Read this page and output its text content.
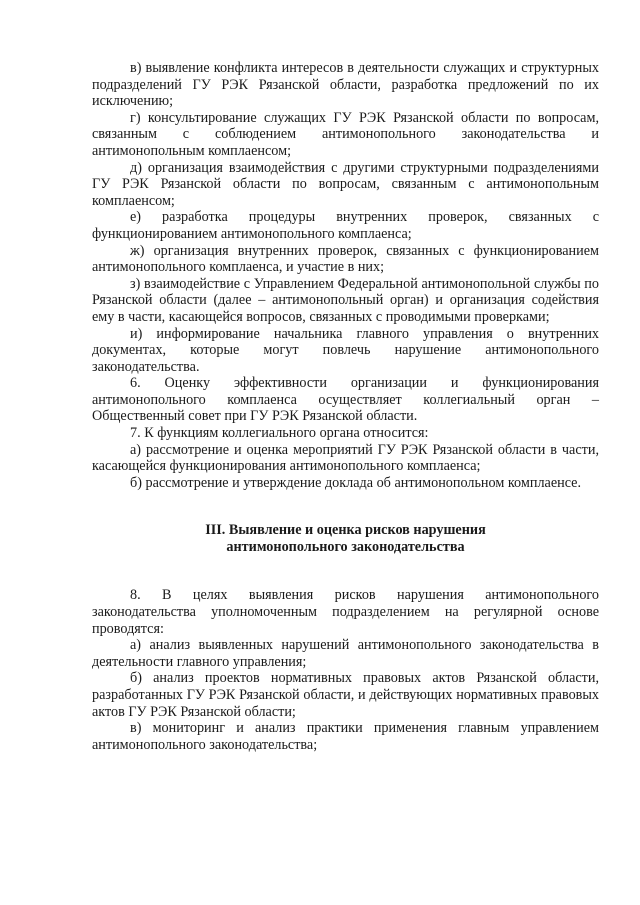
в) выявление конфликта интересов в деятельности служащих и структурных подразделений ГУ РЭК Рязанской области, разработка предложений по их исключению;

г) консультирование служащих ГУ РЭК Рязанской области по вопросам, связанным с соблюдением антимонопольного законодательства и антимонопольным комплаенсом;

д) организация взаимодействия с другими структурными подразделениями ГУ РЭК Рязанской области по вопросам, связанным с антимонопольным комплаенсом;

е) разработка процедуры внутренних проверок, связанных с функционированием антимонопольного комплаенса;

ж) организация внутренних проверок, связанных с функционированием антимонопольного комплаенса, и участие в них;

з) взаимодействие с Управлением Федеральной антимонопольной службы по Рязанской области (далее – антимонопольный орган) и организация содействия ему в части, касающейся вопросов, связанных с проводимыми проверками;

и) информирование начальника главного управления о внутренних документах, которые могут повлечь нарушение антимонопольного законодательства.

6. Оценку эффективности организации и функционирования антимонопольного комплаенса осуществляет коллегиальный орган – Общественный совет при ГУ РЭК Рязанской области.

7. К функциям коллегиального органа относится:

а) рассмотрение и оценка мероприятий ГУ РЭК Рязанской области в части, касающейся функционирования антимонопольного комплаенса;

б) рассмотрение и утверждение доклада об антимонопольном комплаенсе.

III. Выявление и оценка рисков нарушения
антимонопольного законодательства

8. В целях выявления рисков нарушения антимонопольного законодательства уполномоченным подразделением на регулярной основе проводятся:

а) анализ выявленных нарушений антимонопольного законодательства в деятельности главного управления;

б) анализ проектов нормативных правовых актов Рязанской области, разработанных ГУ РЭК Рязанской области, и действующих нормативных правовых актов ГУ РЭК Рязанской области;

в) мониторинг и анализ практики применения главным управлением антимонопольного законодательства;
